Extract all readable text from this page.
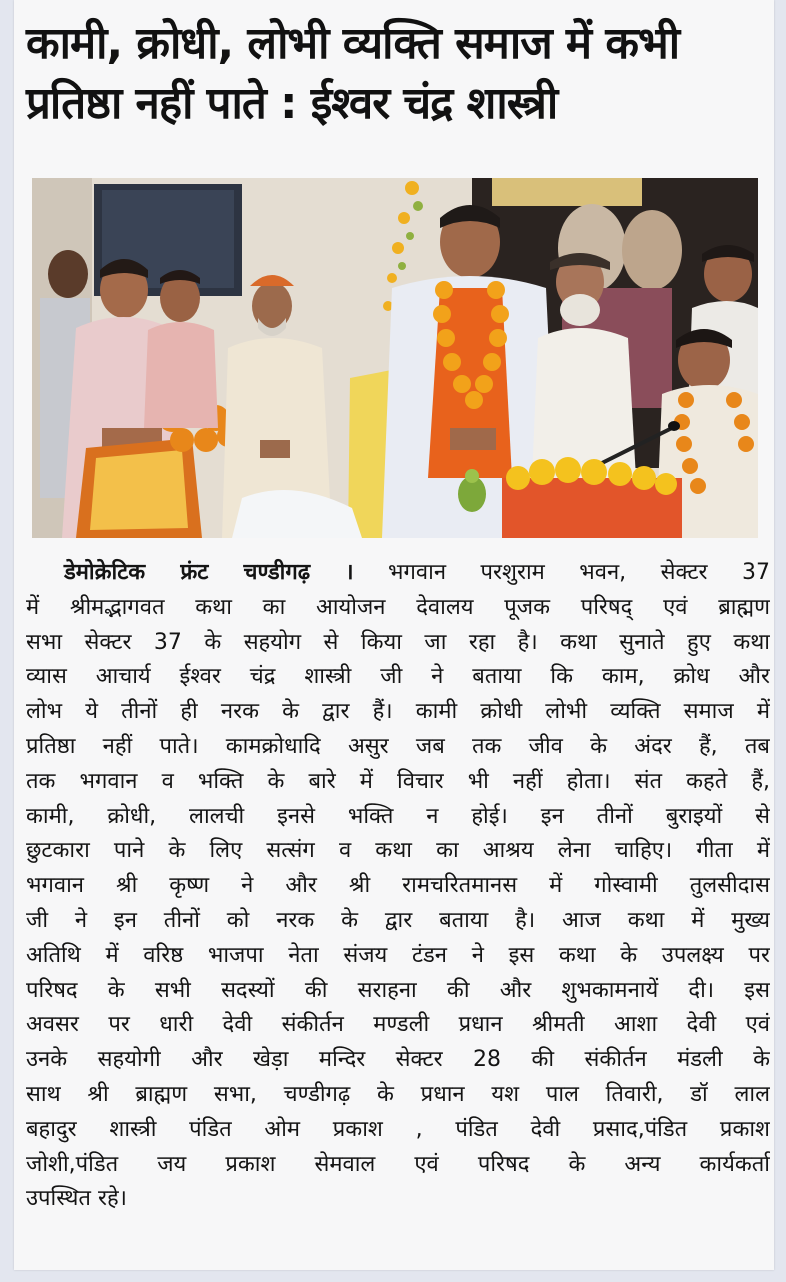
कामी, क्रोधी, लोभी व्यक्ति समाज में कभी
प्रतिष्ठा नहीं पाते : ईश्वर चंद्र शास्त्री
डेमोक्रेटिक फ्रंट चण्डीगढ़ । भगवान परशुराम भवन, सेक्टर 37
में श्रीमद्भागवत कथा का आयोजन देवालय पूजक परिषद् एवं ब्राह्मण
सभा सेक्टर 37 के सहयोग से किया जा रहा है। कथा सुनाते हुए कथा
व्यास आचार्य ईश्वर चंद्र शास्त्री जी ने बताया कि काम, क्रोध और
लोभ ये तीनों ही नरक के द्वार हैं। कामी क्रोधी लोभी व्यक्ति समाज में
प्रतिष्ठा नहीं पाते। कामक्रोधादि असुर जब तक जीव के अंदर हैं, तब
तक भगवान व भक्ति के बारे में विचार भी नहीं होता। संत कहते हैं,
कामी, क्रोधी, लालची इनसे भक्ति न होई। इन तीनों बुराइयों से
छुटकारा पाने के लिए सत्संग व कथा का आश्रय लेना चाहिए। गीता में
भगवान श्री कृष्ण ने और श्री रामचरितमानस में गोस्वामी तुलसीदास
जी ने इन तीनों को नरक के द्वार बताया है। आज कथा में मुख्य
अतिथि में वरिष्ठ भाजपा नेता संजय टंडन ने इस कथा के उपलक्ष्य पर
परिषद के सभी सदस्यों की सराहना की और शुभकामनायें दी। इस
अवसर पर धारी देवी संकीर्तन मण्डली प्रधान श्रीमती आशा देवी एवं
उनके सहयोगी और खेड़ा मन्दिर सेक्टर 28 की संकीर्तन मंडली के
साथ श्री ब्राह्मण सभा, चण्डीगढ़ के प्रधान यश पाल तिवारी, डॉ लाल
बहादुर शास्त्री पंडित ओम प्रकाश , पंडित देवी प्रसाद,पंडित प्रकाश
जोशी,पंडित जय प्रकाश सेमवाल एवं परिषद के अन्य कार्यकर्ता
उपस्थित रहे।
